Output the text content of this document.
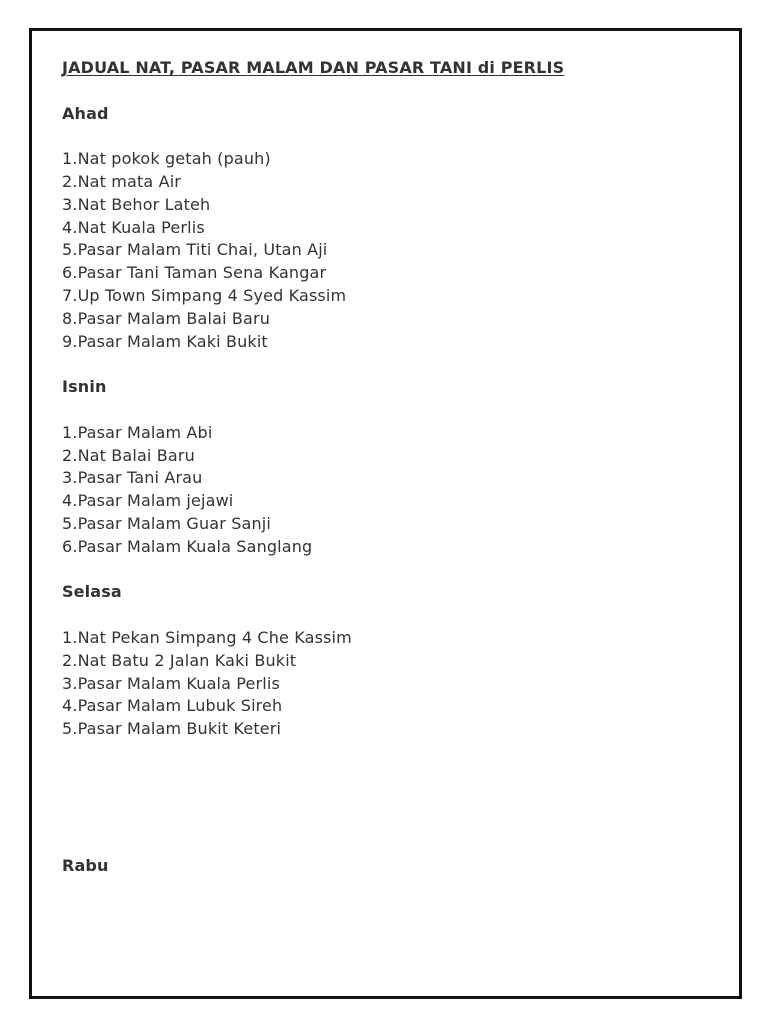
JADUAL NAT, PASAR MALAM DAN PASAR TANI di PERLIS
Ahad
1.Nat pokok getah (pauh)
2.Nat mata Air
3.Nat Behor Lateh
4.Nat Kuala Perlis
5.Pasar Malam Titi Chai, Utan Aji
6.Pasar Tani Taman Sena Kangar
7.Up Town Simpang 4 Syed Kassim
8.Pasar Malam Balai Baru
9.Pasar Malam Kaki Bukit
Isnin
1.Pasar Malam Abi
2.Nat Balai Baru
3.Pasar Tani Arau
4.Pasar Malam jejawi
5.Pasar Malam Guar Sanji
6.Pasar Malam Kuala Sanglang
Selasa
1.Nat Pekan Simpang 4 Che Kassim
2.Nat Batu 2 Jalan Kaki Bukit
3.Pasar Malam Kuala Perlis
4.Pasar Malam Lubuk Sireh
5.Pasar Malam Bukit Keteri
Rabu
